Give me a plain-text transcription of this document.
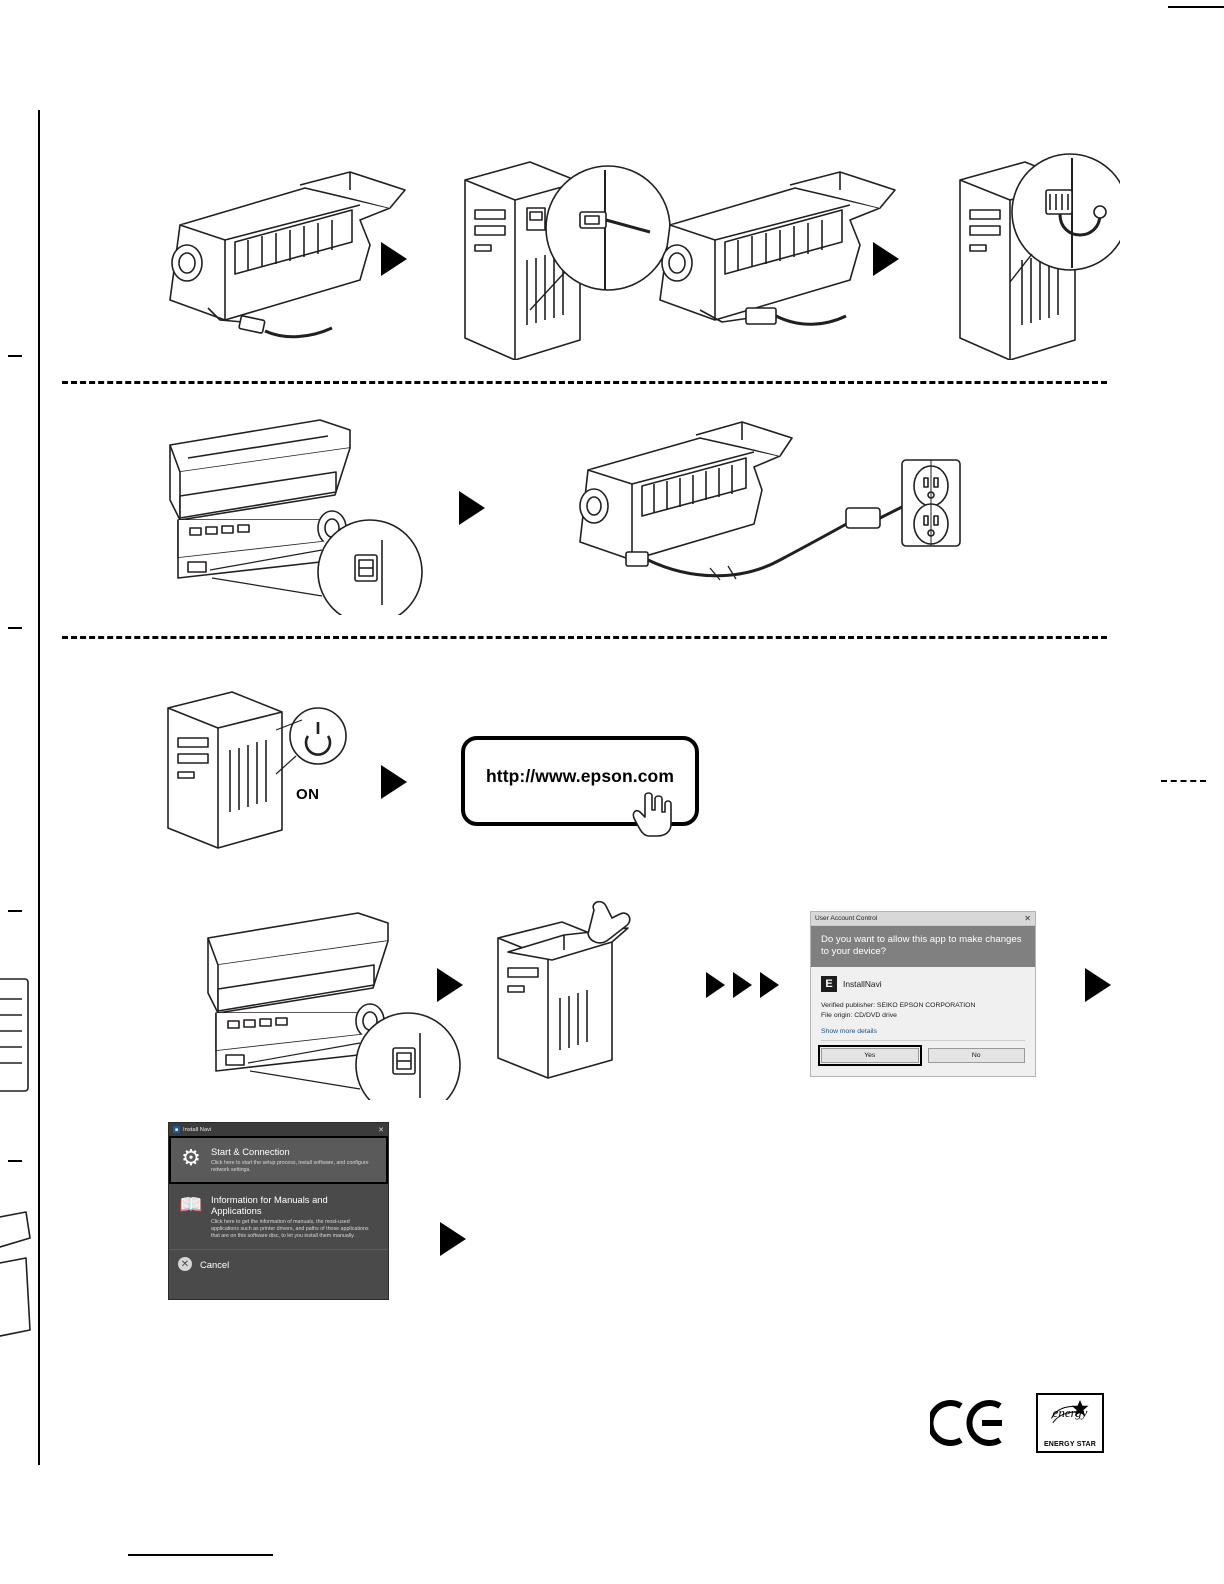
ON
http://www.epson.com
User Account Control	✕
Do you want to allow this app to make changes to your device?
E	InstallNavi
Verified publisher: SEIKO EPSON CORPORATION
File origin: CD/DVD drive
Show more details
Yes	No
■ Install Navi	✕
⚙	Start & Connection
Click here to start the setup process, install software, and configure network settings.
📖 Information for Manuals and Applications
Click here to get the information of manuals, the most-used applications such as printer drivers, and paths of those applications that are on this software disc, to let you install them manually.
✕ Cancel
energy
ENERGY STAR
